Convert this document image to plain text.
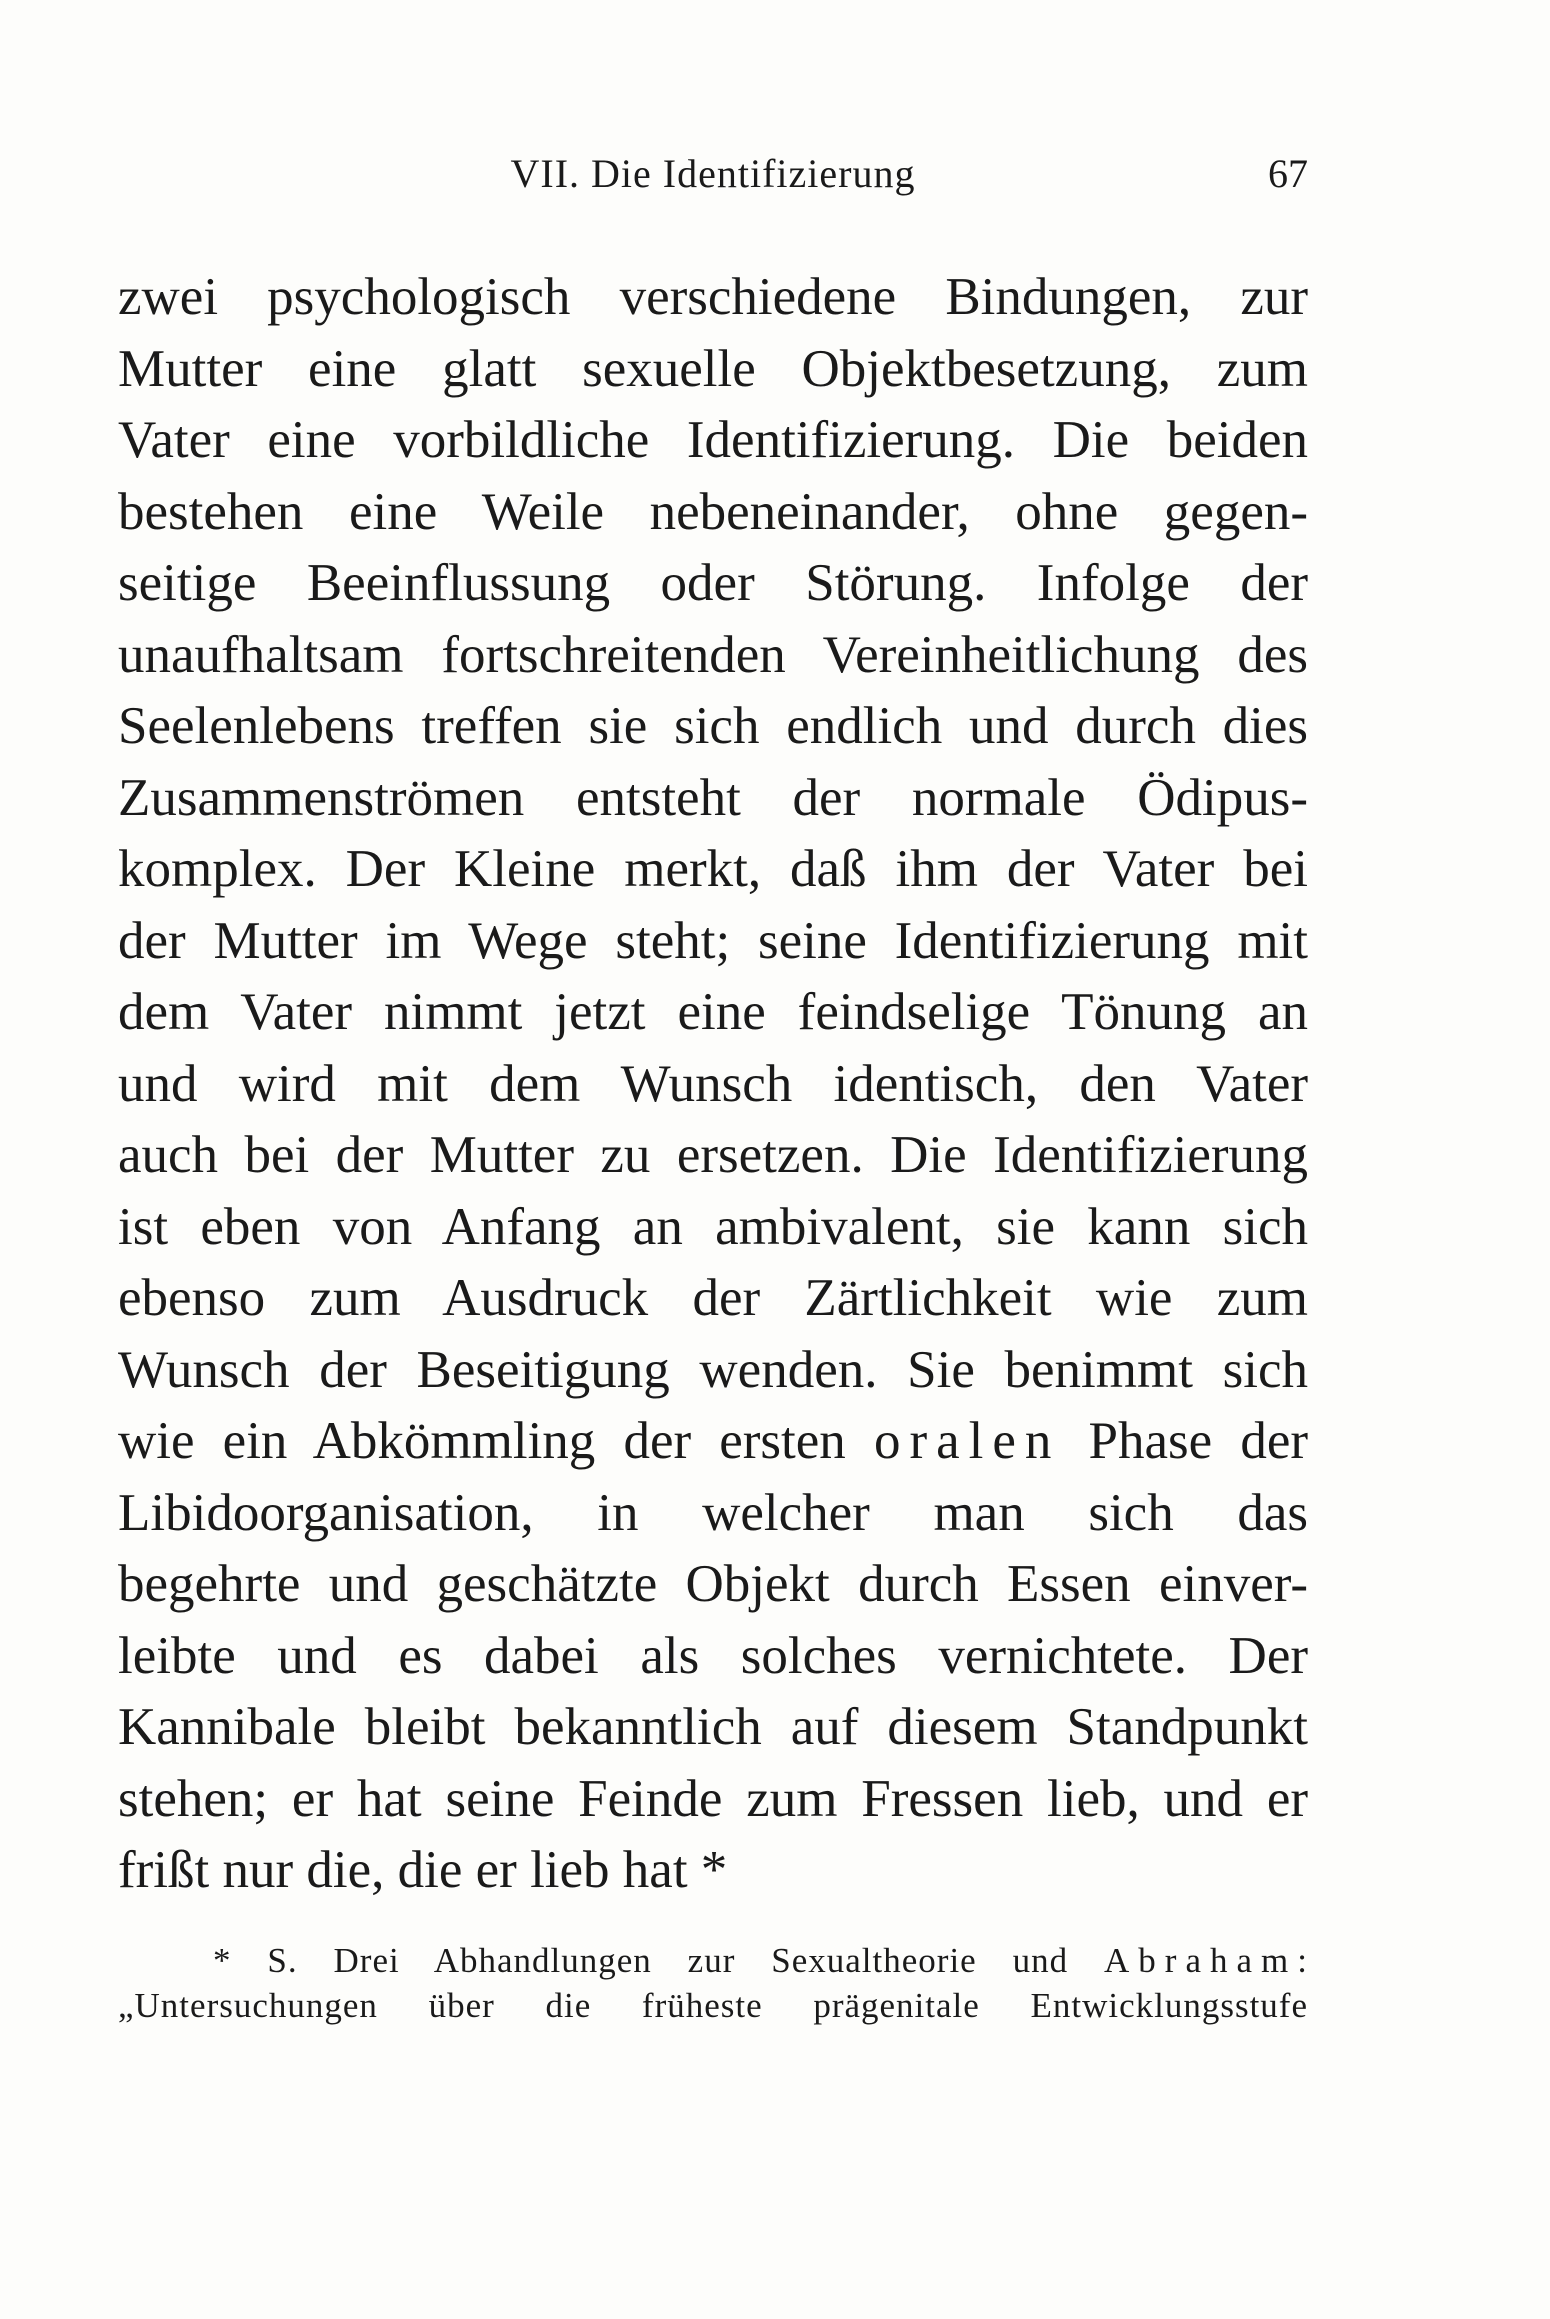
VII. Die Identifizierung	67
zwei psychologisch verschiedene Bindungen, zur
Mutter eine glatt sexuelle Objektbesetzung, zum
Vater eine vorbildliche Identifizierung. Die beiden
bestehen eine Weile nebeneinander, ohne gegen-
seitige Beeinflussung oder Störung. Infolge der
unaufhaltsam fortschreitenden Vereinheitlichung des
Seelenlebens treffen sie sich endlich und durch dies
Zusammenströmen entsteht der normale Ödipus-
komplex. Der Kleine merkt, daß ihm der Vater bei
der Mutter im Wege steht; seine Identifizierung mit
dem Vater nimmt jetzt eine feindselige Tönung an
und wird mit dem Wunsch identisch, den Vater
auch bei der Mutter zu ersetzen. Die Identifizierung
ist eben von Anfang an ambivalent, sie kann sich
ebenso zum Ausdruck der Zärtlichkeit wie zum
Wunsch der Beseitigung wenden. Sie benimmt sich
wie ein Abkömmling der ersten oralen Phase der
Libidoorganisation, in welcher man sich das
begehrte und geschätzte Objekt durch Essen einver-
leibte und es dabei als solches vernichtete. Der
Kannibale bleibt bekanntlich auf diesem Standpunkt
stehen; er hat seine Feinde zum Fressen lieb, und er
frißt nur die, die er lieb hat *
* S. Drei Abhandlungen zur Sexualtheorie und Abraham:
„Untersuchungen über die früheste prägenitale Entwicklungsstufe
